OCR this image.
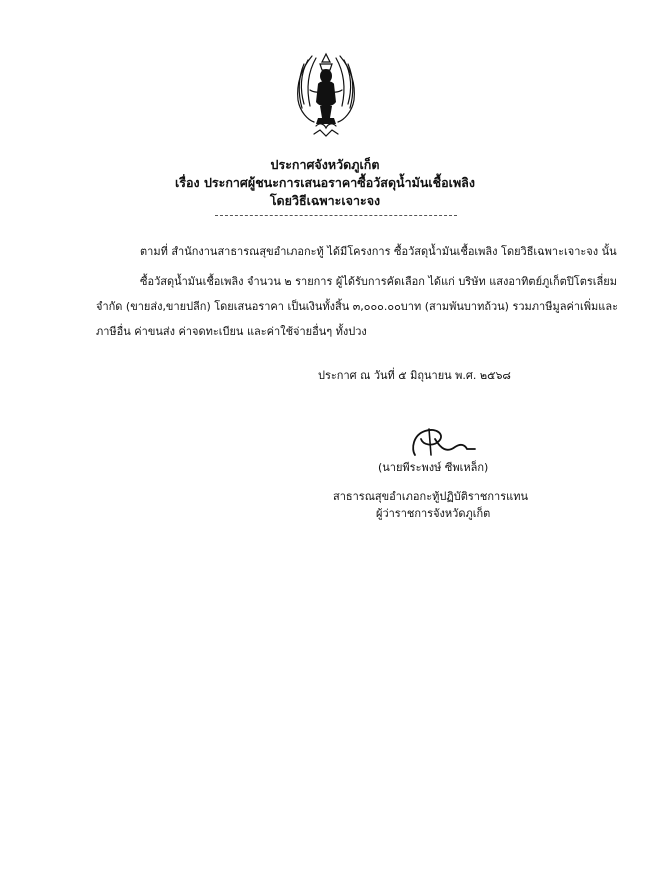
ประกาศจังหวัดภูเก็ต
เรื่อง ประกาศผู้ชนะการเสนอราคาซื้อวัสดุน้ำมันเชื้อเพลิง
โดยวิธีเฉพาะเจาะจง
ตามที่ สำนักงานสาธารณสุขอำเภอกะทู้ ได้มีโครงการ ซื้อวัสดุน้ำมันเชื้อเพลิง โดยวิธีเฉพาะเจาะจง นั้น
ซื้อวัสดุน้ำมันเชื้อเพลิง จำนวน ๒ รายการ ผู้ได้รับการคัดเลือก ได้แก่ บริษัท แสงอาทิตย์ภูเก็ตปิโตรเลี่ยม
จำกัด (ขายส่ง,ขายปลีก) โดยเสนอราคา เป็นเงินทั้งสิ้น ๓,๐๐๐.๐๐บาท (สามพันบาทถ้วน) รวมภาษีมูลค่าเพิ่มและ
ภาษีอื่น ค่าขนส่ง ค่าจดทะเบียน และค่าใช้จ่ายอื่นๆ ทั้งปวง
ประกาศ ณ วันที่ ๕ มิถุนายน พ.ศ. ๒๕๖๘
(นายพีระพงษ์ ซีพเหล็ก)
สาธารณสุขอำเภอกะทู้ปฏิบัติราชการแทน
ผู้ว่าราชการจังหวัดภูเก็ต
